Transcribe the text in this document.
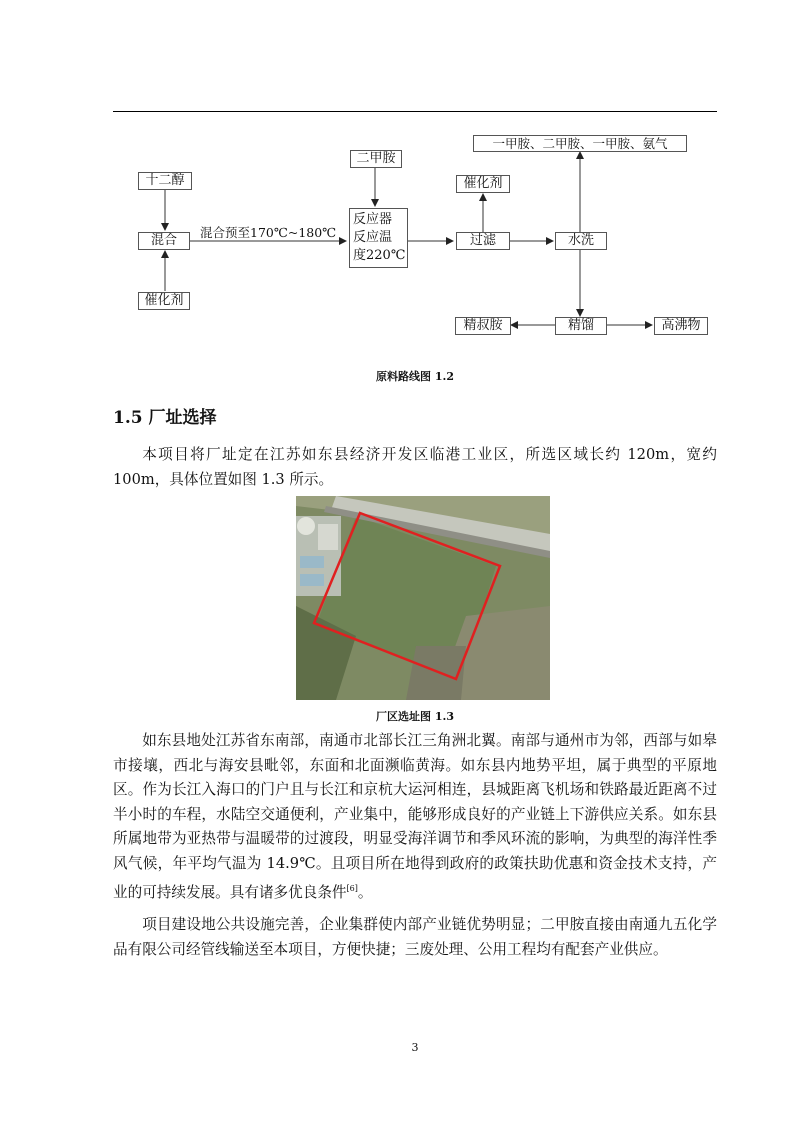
混合预至170℃~180℃
十二醇
混合
催化剂
二甲胺
反应器
反应温
度220℃
催化剂
过滤
一甲胺、二甲胺、一甲胺、氨气
水洗
精馏
精叔胺	高沸物
原料路线图 1.2
1.5 厂址选择

本项目将厂址定在江苏如东县经济开发区临港工业区，所选区域长约 120m，宽约 100m，具体位置如图 1.3 所示。

厂区选址图 1.3

如东县地处江苏省东南部，南通市北部长江三角洲北翼。南部与通州市为邻，西部与如皋市接壤，西北与海安县毗邻，东面和北面濒临黄海。如东县内地势平坦，属于典型的平原地区。作为长江入海口的门户且与长江和京杭大运河相连，县城距离飞机场和铁路最近距离不过半小时的车程，水陆空交通便利，产业集中，能够形成良好的产业链上下游供应关系。如东县所属地带为亚热带与温暖带的过渡段，明显受海洋调节和季风环流的影响，为典型的海洋性季风气候，年平均气温为 14.9℃。且项目所在地得到政府的政策扶助优惠和资金技术支持，产业的可持续发展。具有诸多优良条件[6]。

项目建设地公共设施完善，企业集群使内部产业链优势明显；二甲胺直接由南通九五化学品有限公司经管线输送至本项目，方便快捷；三废处理、公用工程均有配套产业供应。

3
